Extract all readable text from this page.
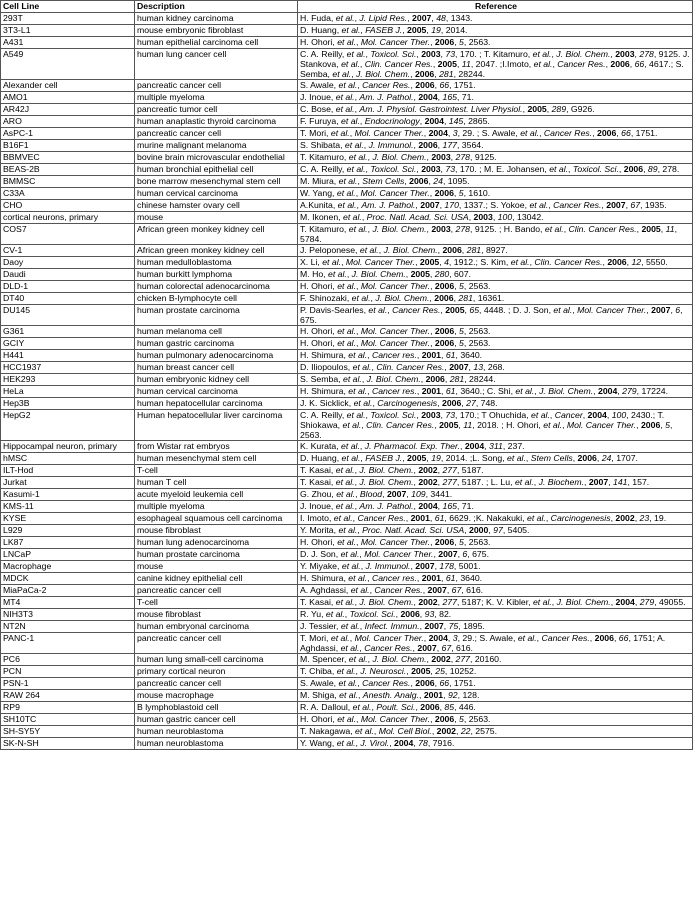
Cell Line	Description	Reference
293T	human kidney carcinoma	H. Fuda, et al., J. Lipid Res., 2007, 48, 1343.
3T3-L1	mouse embryonic fibroblast	D. Huang, et al., FASEB J., 2005, 19, 2014.
A431	human epithelial carcinoma cell	H. Ohori, et al., Mol. Cancer Ther., 2006, 5, 2563.
A549	human lung cancer cell	C. A. Reilly, et al., Toxicol. Sci., 2003, 73, 170. ; T. Kitamuro, et al., J. Biol. Chem., 2003, 278, 9125. J. Stankova, et al., Clin. Cancer Res., 2005, 11, 2047. ;I.Imoto, et al., Cancer Res., 2006, 66, 4617.; S. Semba, et al., J. Biol. Chem., 2006, 281, 28244.
Alexander cell	pancreatic cancer cell	S. Awale, et al., Cancer Res., 2006, 66, 1751.
AMO1	multiple myeloma	J. Inoue, et al., Am. J. Pathol., 2004, 165, 71.
AR42J	pancreatic tumor cell	C. Bose, et al., Am. J. Physiol. Gastrointest. Liver Physiol., 2005, 289, G926.
ARO	human anaplastic thyroid carcinoma	F. Furuya, et al., Endocrinology, 2004, 145, 2865.
AsPC-1	pancreatic cancer cell	T. Mori, et al., Mol. Cancer Ther., 2004, 3, 29. ; S. Awale, et al., Cancer Res., 2006, 66, 1751.
B16F1	murine malignant melanoma	S. Shibata, et al., J. Immunol., 2006, 177, 3564.
BBMVEC	bovine brain microvascular endothelial	T. Kitamuro, et al., J. Biol. Chem., 2003, 278, 9125.
BEAS-2B	human bronchial epithelial cell	C. A. Reilly, et al., Toxicol. Sci., 2003, 73, 170. ; M. E. Johansen, et al., Toxicol. Sci., 2006, 89, 278.
BMMSC	bone marrow mesenchymal stem cell	M. Miura, et al., Stem Cells, 2006, 24, 1095.
C33A	human cervical carcinoma	W. Yang, et al., Mol. Cancer Ther., 2006, 5, 1610.
CHO	chinese hamster ovary cell	A.Kunita, et al., Am. J. Pathol., 2007, 170, 1337.; S. Yokoe, et al., Cancer Res., 2007, 67, 1935.
cortical neurons, primary	mouse	M. Ikonen, et al., Proc. Natl. Acad. Sci. USA, 2003, 100, 13042.
COS7	African green monkey kidney cell	T. Kitamuro, et al., J. Biol. Chem., 2003, 278, 9125. ; H. Bando, et al., Clin. Cancer Res., 2005, 11, 5784.
CV-1	African green monkey kidney cell	J. Peloponese, et al., J. Biol. Chem., 2006, 281, 8927.
Daoy	human medulloblastoma	X. Li, et al., Mol. Cancer Ther., 2005, 4, 1912.; S. Kim, et al., Clin. Cancer Res., 2006, 12, 5550.
Daudi	human burkitt lymphoma	M. Ho, et al., J. Biol. Chem., 2005, 280, 607.
DLD-1	human colorectal adenocarcinoma	H. Ohori, et al., Mol. Cancer Ther., 2006, 5, 2563.
DT40	chicken B-lymphocyte cell	F. Shinozaki, et al., J. Biol. Chem., 2006, 281, 16361.
DU145	human prostate carcinoma	P. Davis-Searles, et al., Cancer Res., 2005, 65, 4448. ; D. J. Son, et al., Mol. Cancer Ther., 2007, 6, 675.
G361	human melanoma cell	H. Ohori, et al., Mol. Cancer Ther., 2006, 5, 2563.
GCIY	human gastric carcinoma	H. Ohori, et al., Mol. Cancer Ther., 2006, 5, 2563.
H441	human pulmonary adenocarcinoma	H. Shimura, et al., Cancer res., 2001, 61, 3640.
HCC1937	human breast cancer cell	D. Iliopoulos, et al., Clin. Cancer Res., 2007, 13, 268.
HEK293	human embryonic kidney cell	S. Semba, et al., J. Biol. Chem., 2006, 281, 28244.
HeLa	human cervical carcinoma	H. Shimura, et al., Cancer res., 2001, 61, 3640.; C. Shi, et al., J. Biol. Chem., 2004, 279, 17224.
Hep3B	human hepatocellular carcinoma	J. K. Sicklick, et al., Carcinogenesis, 2006, 27, 748.
HepG2	Human hepatocellular liver carcinoma	C. A. Reilly, et al., Toxicol. Sci., 2003, 73, 170.; T Ohuchida, et al., Cancer, 2004, 100, 2430.; T. Shiokawa, et al., Clin. Cancer Res., 2005, 11, 2018. ; H. Ohori, et al., Mol. Cancer Ther., 2006, 5, 2563.
Hippocampal neuron, primary	from Wistar rat embryos	K. Kurata, et al., J. Pharmacol. Exp. Ther., 2004, 311, 237.
hMSC	human mesenchymal stem cell	D. Huang, et al., FASEB J., 2005, 19, 2014. ;L. Song, et al., Stem Cells, 2006, 24, 1707.
ILT-Hod	T-cell	T. Kasai, et al., J. Biol. Chem., 2002, 277, 5187.
Jurkat	human T cell	T. Kasai, et al., J. Biol. Chem., 2002, 277, 5187. ; L. Lu, et al., J. Biochem., 2007, 141, 157.
Kasumi-1	acute myeloid leukemia cell	G. Zhou, et al., Blood, 2007, 109, 3441.
KMS-11	multiple myeloma	J. Inoue, et al., Am. J. Pathol., 2004, 165, 71.
KYSE	esophageal squamous cell carcinoma	I. Imoto, et al., Cancer Res., 2001, 61, 6629. ;K. Nakakuki, et al., Carcinogenesis, 2002, 23, 19.
L929	mouse fibroblast	Y. Morita, et al., Proc. Natl. Acad. Sci. USA, 2000, 97, 5405.
LK87	human lung adenocarcinoma	H. Ohori, et al., Mol. Cancer Ther., 2006, 5, 2563.
LNCaP	human prostate carcinoma	D. J. Son, et al., Mol. Cancer Ther., 2007, 6, 675.
Macrophage	mouse	Y. Miyake, et al., J. Immunol., 2007, 178, 5001.
MDCK	canine kidney epithelial cell	H. Shimura, et al., Cancer res., 2001, 61, 3640.
MiaPaCa-2	pancreatic cancer cell	A. Aghdassi, et al., Cancer Res., 2007, 67, 616.
MT4	T-cell	T. Kasai, et al., J. Biol. Chem., 2002, 277, 5187; K. V. Kibler, et al., J. Biol. Chem., 2004, 279, 49055.
NIH3T3	mouse fibroblast	R. Yu, et al., Toxicol. Sci., 2006, 93, 82.
NT2N	human embryonal carcinoma	J. Tessier, et al., Infect. Immun., 2007, 75, 1895.
PANC-1	pancreatic cancer cell	T. Mori, et al., Mol. Cancer Ther., 2004, 3, 29.; S. Awale, et al., Cancer Res., 2006, 66, 1751; A. Aghdassi, et al., Cancer Res., 2007, 67, 616.
PC6	human lung small-cell carcinoma	M. Spencer, et al., J. Biol. Chem., 2002, 277, 20160.
PCN	primary cortical neuron	T. Chiba, et al., J. Neurosci., 2005, 25, 10252.
PSN-1	pancreatic cancer cell	S. Awale, et al., Cancer Res., 2006, 66, 1751.
RAW 264	mouse macrophage	M. Shiga, et al., Anesth. Analg., 2001, 92, 128.
RP9	B lymphoblastoid cell	R. A. Dalloul, et al., Poult. Sci., 2006, 85, 446.
SH10TC	human gastric cancer cell	H. Ohori, et al., Mol. Cancer Ther., 2006, 5, 2563.
SH-SY5Y	human neuroblastoma	T. Nakagawa, et al., Mol. Cell Biol., 2002, 22, 2575.
SK-N-SH	human neuroblastoma	Y. Wang, et al., J. Virol., 2004, 78, 7916.
